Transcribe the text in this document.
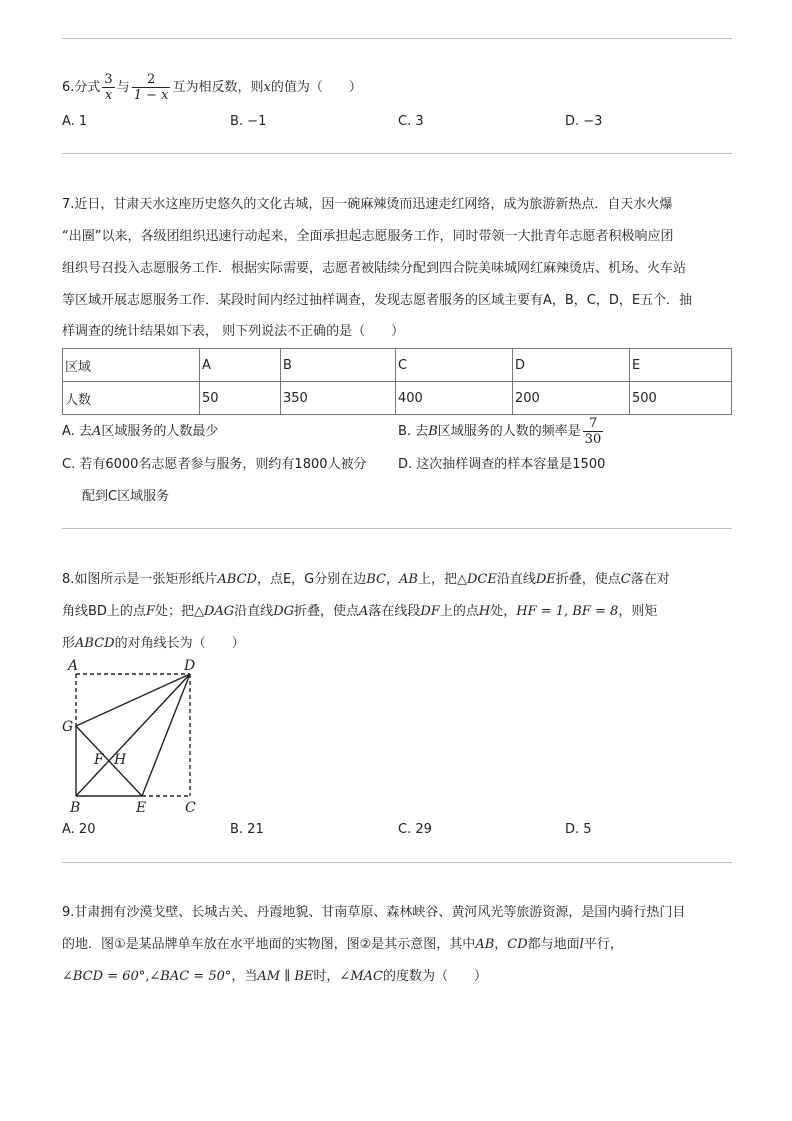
6.分式 $\frac{3}{x}$ 与 $\frac{2}{1 - x}$ 互为相反数，则x的值为（　　）
A. 1	B. −1	C. 3	D. −3
7.近日，甘肃天水这座历史悠久的文化古城，因一碗麻辣烫而迅速走红网络，成为旅游新热点．自天水火爆
“出圈”以来，各级团组织迅速行动起来，全面承担起志愿服务工作，同时带领一大批青年志愿者积极响应团
组织号召投入志愿服务工作．根据实际需要，志愿者被陆续分配到四合院美味城网红麻辣烫店、机场、火车站
等区域开展志愿服务工作．某段时间内经过抽样调查，发现志愿者服务的区域主要有A，B，C，D，E五个．抽
样调查的统计结果如下表， 则下列说法不正确的是（　　）
区域	A	B	C	D	E
人数	50	350	400	200	500
A. 去A区域服务的人数最少	B. 去B区域服务的人数的频率是 $\frac{7}{30}$
C. 若有6000名志愿者参与服务，则约有1800人被分
配到C区域服务
D. 这次抽样调查的样本容量是1500
8.如图所示是一张矩形纸片ABCD，点E，G分别在边BC，AB上，把△DCE沿直线DE折叠，使点C落在对
角线BD上的点F处；把△DAG沿直线DG折叠，使点A落在线段DF上的点H处，HF = 1, BF = 8，则矩
形ABCD的对角线长为（　　）
A	D
G
F H
B	E	C
A. 20	B. 21	C. 29	D. 5
9.甘肃拥有沙漠戈壁、长城古关、丹霞地貌、甘南草原、森林峡谷、黄河风光等旅游资源，是国内骑行热门目
的地．图①是某品牌单车放在水平地面的实物图，图②是其示意图，其中AB，CD都与地面l平行，
∠BCD = 60°,∠BAC = 50°，当AM ∥ BE时，∠MAC的度数为（　　）
